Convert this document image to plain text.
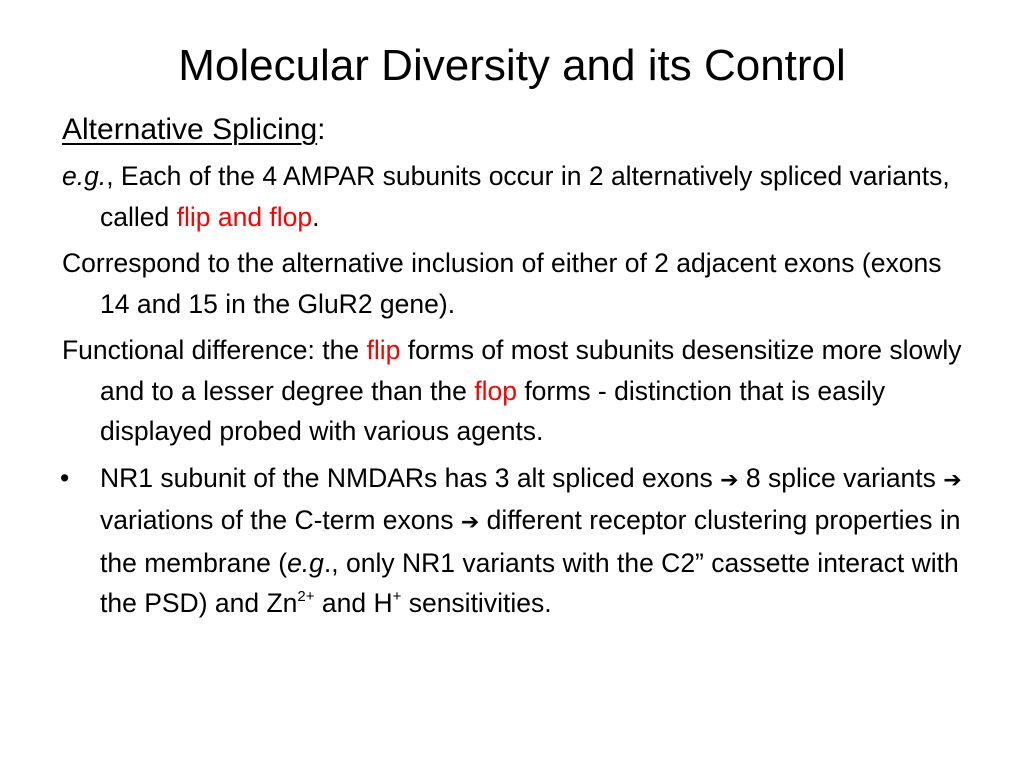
Molecular Diversity and its Control
Alternative Splicing:

e.g., Each of the 4 AMPAR subunits occur in 2 alternatively spliced variants, called flip and flop.

Correspond to the alternative inclusion of either of 2 adjacent exons (exons 14 and 15 in the GluR2 gene).

Functional difference: the flip forms of most subunits desensitize more slowly and to a lesser degree than the flop forms - distinction that is easily displayed probed with various agents.

• NR1 subunit of the NMDARs has 3 alt spliced exons ➔ 8 splice variants ➔ variations of the C-term exons ➔ different receptor clustering properties in the membrane (e.g., only NR1 variants with the C2” cassette interact with the PSD) and $Zn^{2+}$ and H+ sensitivities.
